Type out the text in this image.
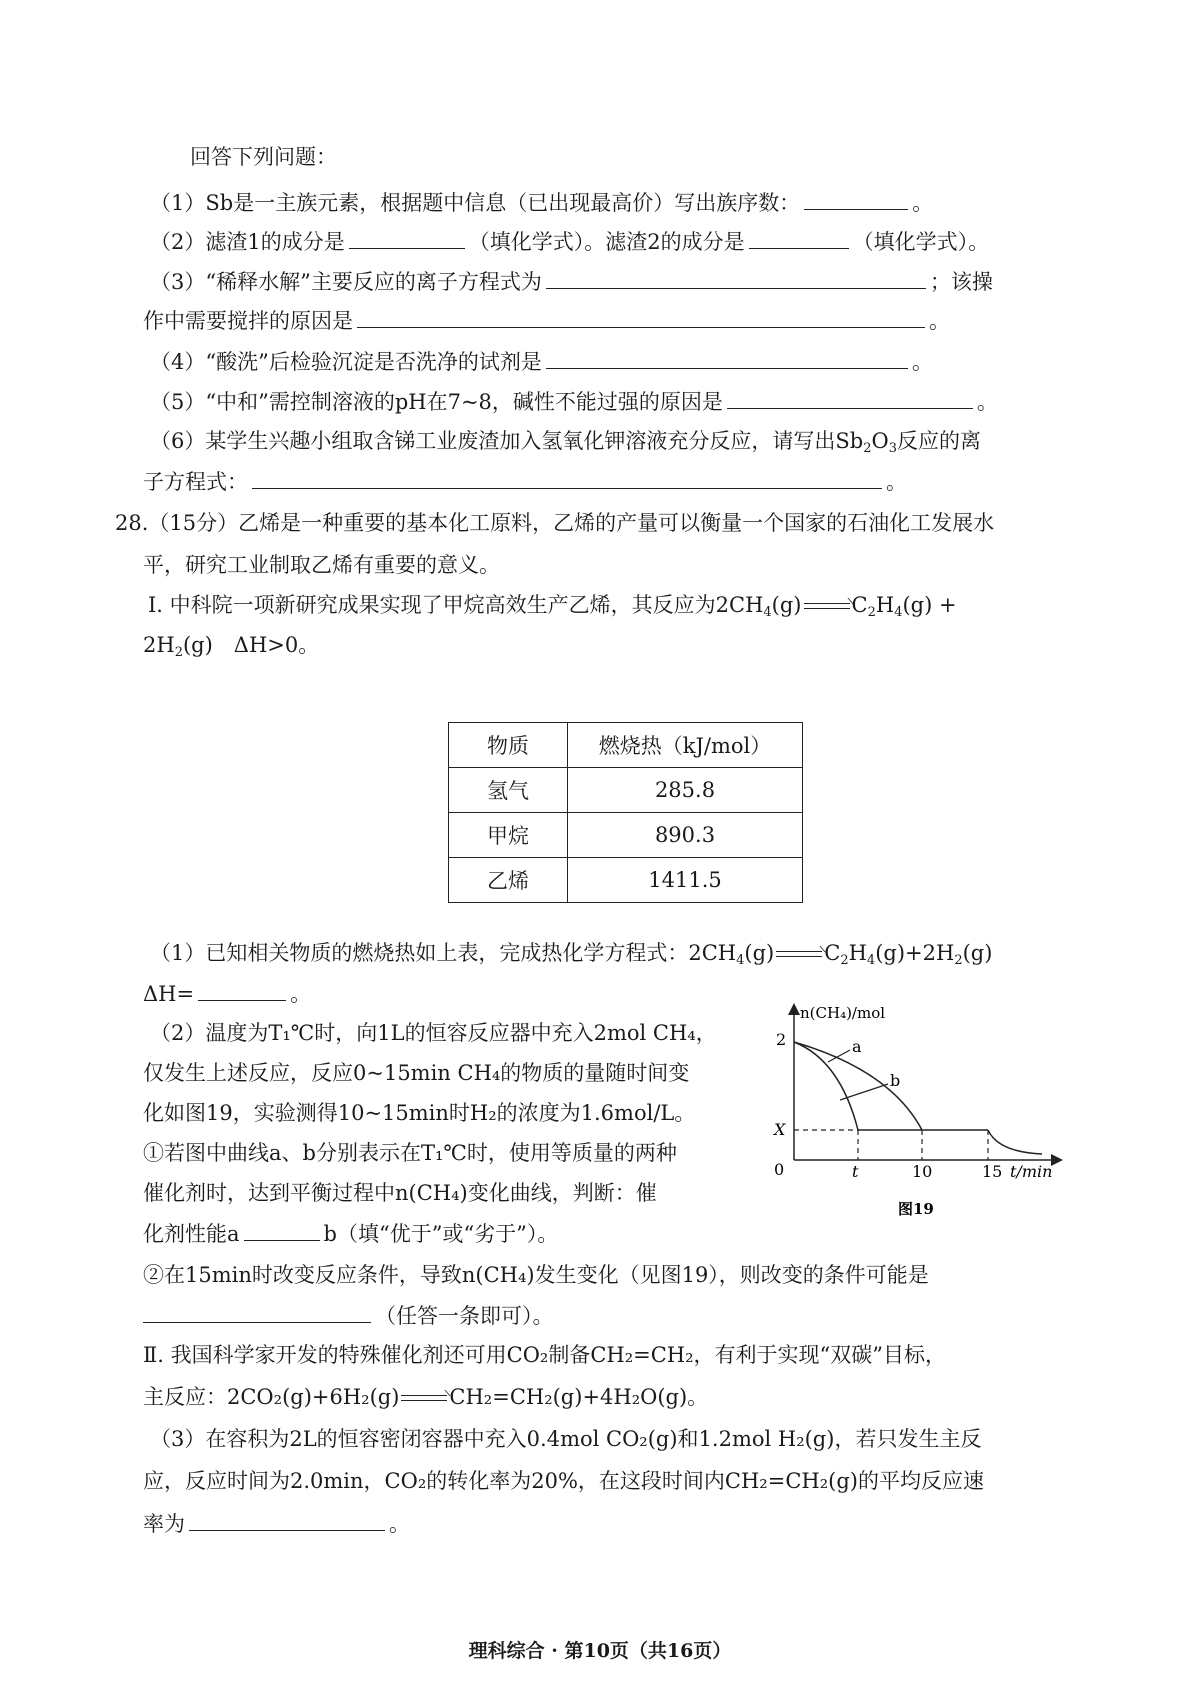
回答下列问题：
（1）Sb是一主族元素，根据题中信息（已出现最高价）写出族序数：	。
（2）滤渣1的成分是	（填化学式）。滤渣2的成分是	（填化学式）。
（3）“稀释水解”主要反应的离子方程式为	；该操
作中需要搅拌的原因是	。
（4）“酸洗”后检验沉淀是否洗净的试剂是	。
（5）“中和”需控制溶液的pH在7~8，碱性不能过强的原因是	。
（6）某学生兴趣小组取含锑工业废渣加入氢氧化钾溶液充分反应，请写出$Sb_2O_3$反应的离
子方程式：	。
28.（15分）乙烯是一种重要的基本化工原料，乙烯的产量可以衡量一个国家的石油化工发展水
平，研究工业制取乙烯有重要的意义。
Ⅰ. 中科院一项新研究成果实现了甲烷高效生产乙烯，其反应为$2CH_4(g) C_2H_4(g)$ +
$2H_2(g)$　ΔH>0。
物质	燃烧热（kJ/mol）
氢气	285.8
甲烷	890.3
乙烯	1411.5
（1）已知相关物质的燃烧热如上表，完成热化学方程式：$2CH_4(g)$ $C_2H_4(g)+2H_2(g)$
ΔH=	。
（2）温度为T₁℃时，向1L的恒容反应器中充入2mol CH₄，
仅发生上述反应，反应0~15min CH₄的物质的量随时间变
化如图19，实验测得10~15min时H₂的浓度为1.6mol/L。
①若图中曲线a、b分别表示在T₁℃时，使用等质量的两种
催化剂时，达到平衡过程中n(CH₄)变化曲线，判断：催
化剂性能a	b（填“优于”或“劣于”）。
②在15min时改变反应条件，导致n(CH₄)发生变化（见图19），则改变的条件可能是
（任答一条即可）。
Ⅱ. 我国科学家开发的特殊催化剂还可用CO₂制备CH₂=CH₂，有利于实现“双碳”目标，
主反应：2CO₂(g)+6H₂(g) CH₂=CH₂(g)+4H₂O(g)。
（3）在容积为2L的恒容密闭容器中充入0.4mol CO₂(g)和1.2mol H₂(g)，若只发生主反
应，反应时间为2.0min，CO₂的转化率为20%，在这段时间内CH₂=CH₂(g)的平均反应速
率为	。
n(CH₄)/mol
2
X
0	t	10	15 t/min
a
b
图19
理科综合 · 第10页（共16页）
